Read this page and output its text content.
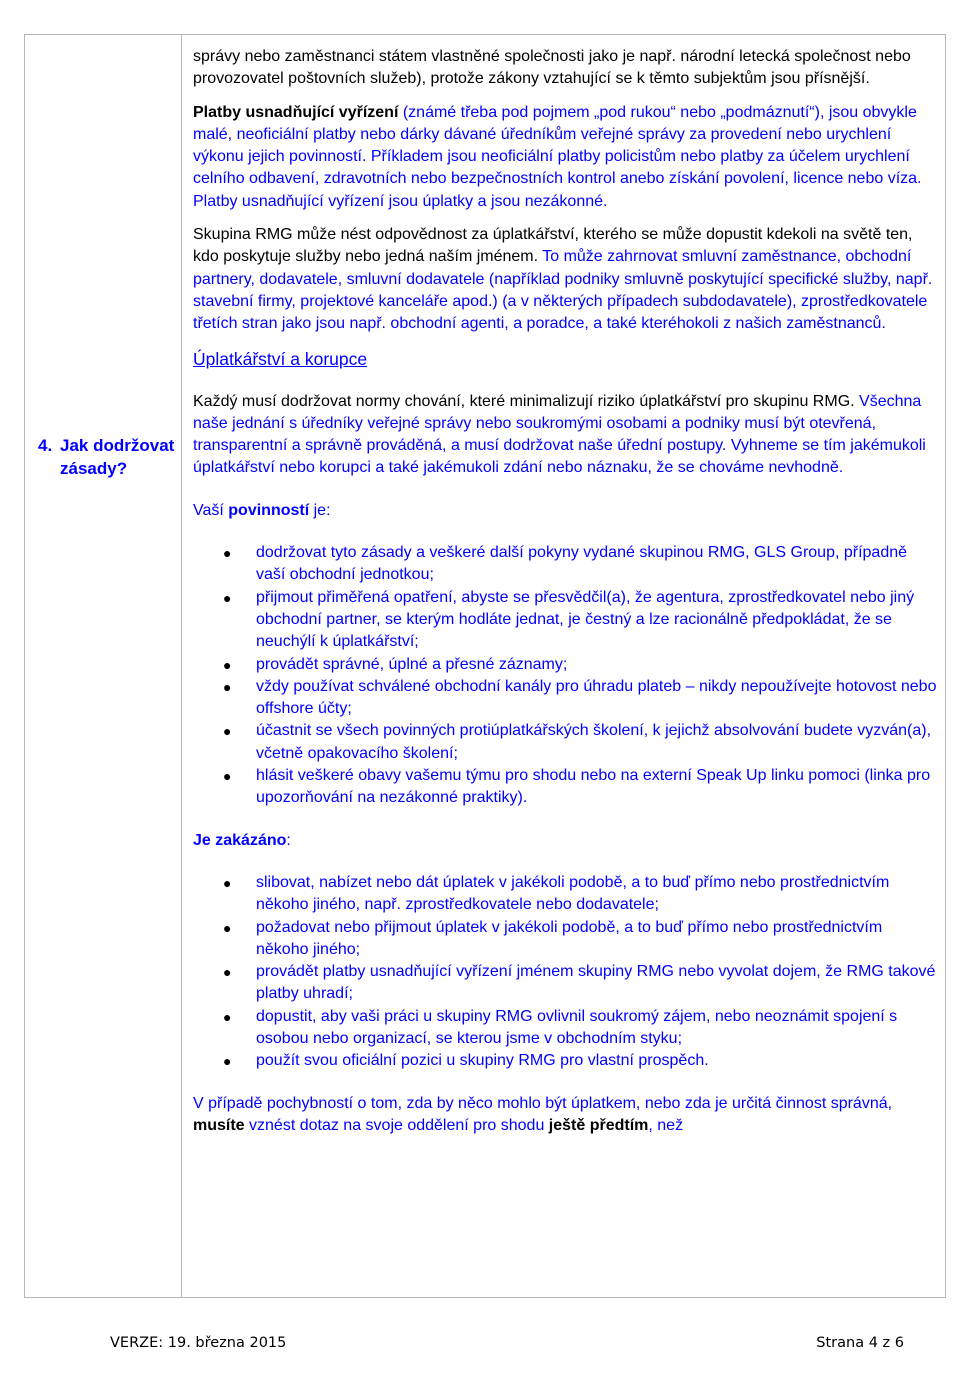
4. Jak dodržovat zásady?

správy nebo zaměstnanci státem vlastněné společnosti jako je např. národní letecká společnost nebo provozovatel poštovních služeb), protože zákony vztahující se k těmto subjektům jsou přísnější.

Platby usnadňující vyřízení (známé třeba pod pojmem „pod rukou“ nebo „podmáznutí“), jsou obvykle malé, neoficiální platby nebo dárky dávané úředníkům veřejné správy za provedení nebo urychlení výkonu jejich povinností. Příkladem jsou neoficiální platby policistům nebo platby za účelem urychlení celního odbavení, zdravotních nebo bezpečnostních kontrol anebo získání povolení, licence nebo víza. Platby usnadňující vyřízení jsou úplatky a jsou nezákonné.

Skupina RMG může nést odpovědnost za úplatkářství, kterého se může dopustit kdekoli na světě ten, kdo poskytuje služby nebo jedná naším jménem. To může zahrnovat smluvní zaměstnance, obchodní partnery, dodavatele, smluvní dodavatele (například podniky smluvně poskytující specifické služby, např. stavební firmy, projektové kanceláře apod.) (a v některých případech subdodavatele), zprostředkovatele třetích stran jako jsou např. obchodní agenti, a poradce, a také kteréhokoli z našich zaměstnanců.

Úplatkářství a korupce

Každý musí dodržovat normy chování, které minimalizují riziko úplatkářství pro skupinu RMG. Všechna naše jednání s úředníky veřejné správy nebo soukromými osobami a podniky musí být otevřená, transparentní a správně prováděná, a musí dodržovat naše úřední postupy. Vyhneme se tím jakémukoli úplatkářství nebo korupci a také jakémukoli zdání nebo náznaku, že se chováme nevhodně.

Vaší povinností je:

● dodržovat tyto zásady a veškeré další pokyny vydané skupinou RMG, GLS Group, případně vaší obchodní jednotkou;
● přijmout přiměřená opatření, abyste se přesvědčil(a), že agentura, zprostředkovatel nebo jiný obchodní partner, se kterým hodláte jednat, je čestný a lze racionálně předpokládat, že se neuchýlí k úplatkářství;
● provádět správné, úplné a přesné záznamy;
● vždy používat schválené obchodní kanály pro úhradu plateb – nikdy nepoužívejte hotovost nebo offshore účty;
● účastnit se všech povinných protiúplatkářských školení, k jejichž absolvování budete vyzván(a), včetně opakovacího školení;
● hlásit veškeré obavy vašemu týmu pro shodu nebo na externí Speak Up linku pomoci (linka pro upozorňování na nezákonné praktiky).

Je zakázáno:

● slibovat, nabízet nebo dát úplatek v jakékoli podobě, a to buď přímo nebo prostřednictvím někoho jiného, např. zprostředkovatele nebo dodavatele;
● požadovat nebo přijmout úplatek v jakékoli podobě, a to buď přímo nebo prostřednictvím někoho jiného;
● provádět platby usnadňující vyřízení jménem skupiny RMG nebo vyvolat dojem, že RMG takové platby uhradí;
● dopustit, aby vaši práci u skupiny RMG ovlivnil soukromý zájem, nebo neoznámit spojení s osobou nebo organizací, se kterou jsme v obchodním styku;
● použít svou oficiální pozici u skupiny RMG pro vlastní prospěch.

V případě pochybností o tom, zda by něco mohlo být úplatkem, nebo zda je určitá činnost správná, musíte vznést dotaz na svoje oddělení pro shodu ještě předtím, než

VERZE: 19. března 2015	Strana 4 z 6
